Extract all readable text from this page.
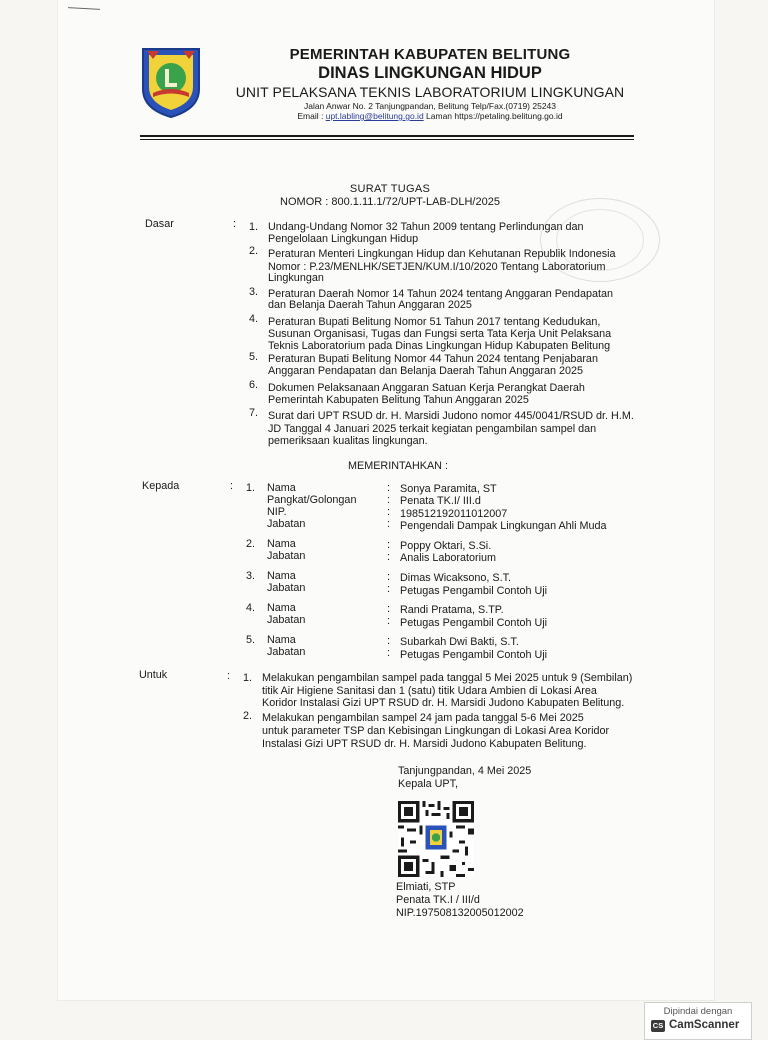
PEMERINTAH KABUPATEN BELITUNG
DINAS LINGKUNGAN HIDUP
UNIT PELAKSANA TEKNIS LABORATORIUM LINGKUNGAN
Jalan Anwar No. 2 Tanjungpandan, Belitung Telp/Fax.(0719) 25243
Email : upt.labling@belitung.go.id Laman https://petaling.belitung.go.id
SURAT TUGAS
NOMOR : 800.1.11.1/72/UPT-LAB-DLH/2025
Dasar	: 1. Undang-Undang Nomor 32 Tahun 2009 tentang Perlindungan dan
Pengelolaan Lingkungan Hidup
2. Peraturan Menteri Lingkungan Hidup dan Kehutanan Republik Indonesia
Nomor : P.23/MENLHK/SETJEN/KUM.I/10/2020 Tentang Laboratorium
Lingkungan
3. Peraturan Daerah Nomor 14 Tahun 2024 tentang Anggaran Pendapatan
dan Belanja Daerah Tahun Anggaran 2025
4. Peraturan Bupati Belitung Nomor 51 Tahun 2017 tentang Kedudukan,
Susunan Organisasi, Tugas dan Fungsi serta Tata Kerja Unit Pelaksana
Teknis Laboratorium pada Dinas Lingkungan Hidup Kabupaten Belitung
5. Peraturan Bupati Belitung Nomor 44 Tahun 2024 tentang Penjabaran
Anggaran Pendapatan dan Belanja Daerah Tahun Anggaran 2025
6. Dokumen Pelaksanaan Anggaran Satuan Kerja Perangkat Daerah
Pemerintah Kabupaten Belitung Tahun Anggaran 2025
7. Surat dari UPT RSUD dr. H. Marsidi Judono nomor 445/0041/RSUD dr. H.M.
JD Tanggal 4 Januari 2025 terkait kegiatan pengambilan sampel dan
pemeriksaan kualitas lingkungan.
MEMERINTAHKAN :
Kepada	: 1. Nama	: Sonya Paramita, ST
Pangkat/Golongan	: Penata TK.I/ III.d
NIP.	: 198512192011012007
Jabatan	: Pengendali Dampak Lingkungan Ahli Muda
2. Nama	: Poppy Oktari, S.Si.
Jabatan	: Analis Laboratorium
3. Nama	: Dimas Wicaksono, S.T.
Jabatan	: Petugas Pengambil Contoh Uji
4. Nama	: Randi Pratama, S.TP.
Jabatan	: Petugas Pengambil Contoh Uji
5. Nama	: Subarkah Dwi Bakti, S.T.
Jabatan	: Petugas Pengambil Contoh Uji
Untuk	: 1. Melakukan pengambilan sampel pada tanggal 5 Mei 2025 untuk 9 (Sembilan)
titik Air Higiene Sanitasi dan 1 (satu) titik Udara Ambien di Lokasi Area
Koridor Instalasi Gizi UPT RSUD dr. H. Marsidi Judono Kabupaten Belitung.
2. Melakukan pengambilan sampel 24 jam pada tanggal 5-6 Mei 2025
untuk parameter TSP dan Kebisingan Lingkungan di Lokasi Area Koridor
Instalasi Gizi UPT RSUD dr. H. Marsidi Judono Kabupaten Belitung.
Tanjungpandan, 4 Mei 2025
Kepala UPT,
Elmiati, STP
Penata TK.I / III/d
NIP.197508132005012002
Dipindai dengan
CS CamScanner
